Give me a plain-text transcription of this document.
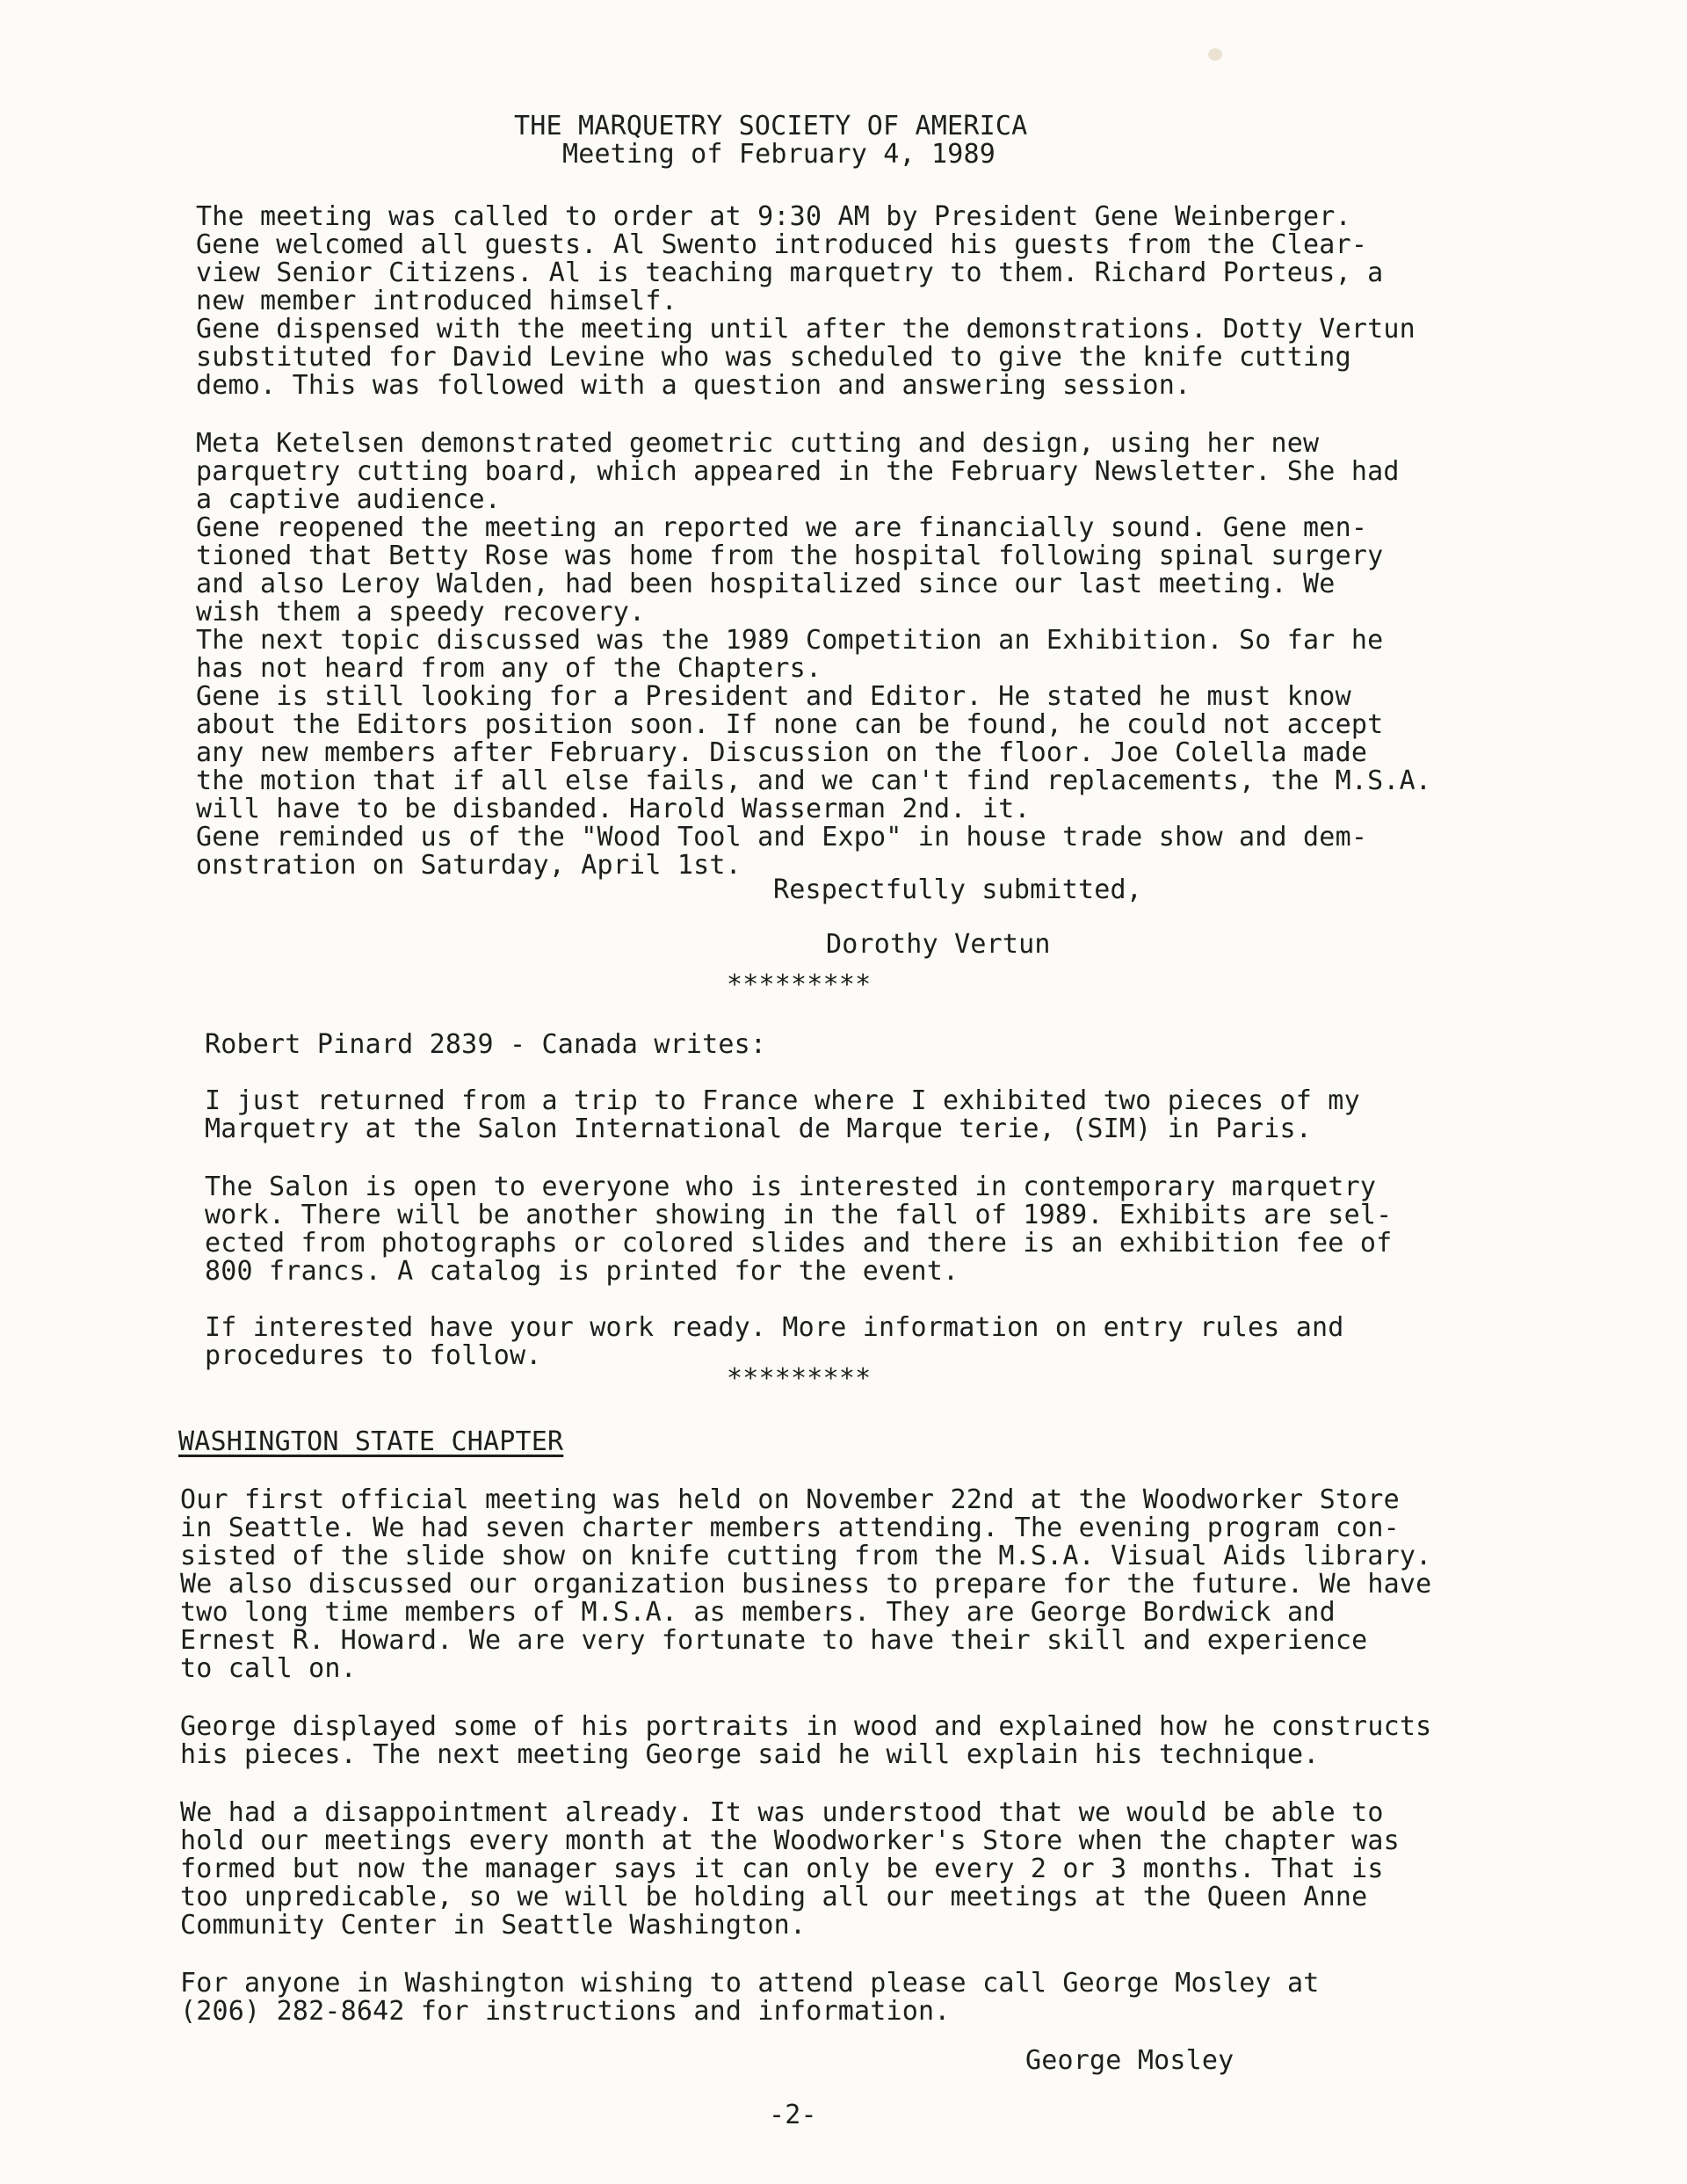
THE MARQUETRY SOCIETY OF AMERICA
Meeting of February 4, 1989
The meeting was called to order at 9:30 AM by President Gene Weinberger.
Gene welcomed all guests. Al Swento introduced his guests from the Clear-
view Senior Citizens. Al is teaching marquetry to them. Richard Porteus, a
new member introduced himself.
Gene dispensed with the meeting until after the demonstrations. Dotty Vertun
substituted for David Levine who was scheduled to give the knife cutting
demo. This was followed with a question and answering session.
Meta Ketelsen demonstrated geometric cutting and design, using her new
parquetry cutting board, which appeared in the February Newsletter. She had
a captive audience.
Gene reopened the meeting an reported we are financially sound. Gene men-
tioned that Betty Rose was home from the hospital following spinal surgery
and also Leroy Walden, had been hospitalized since our last meeting. We
wish them a speedy recovery.
The next topic discussed was the 1989 Competition an Exhibition. So far he
has not heard from any of the Chapters.
Gene is still looking for a President and Editor. He stated he must know
about the Editors position soon. If none can be found, he could not accept
any new members after February. Discussion on the floor. Joe Colella made
the motion that if all else fails, and we can't find replacements, the M.S.A.
will have to be disbanded. Harold Wasserman 2nd. it.
Gene reminded us of the "Wood Tool and Expo" in house trade show and dem-
onstration on Saturday, April 1st.
Respectfully submitted,
Dorothy Vertun
*********
Robert Pinard 2839 - Canada writes:
I just returned from a trip to France where I exhibited two pieces of my
Marquetry at the Salon International de Marque terie, (SIM) in Paris.
The Salon is open to everyone who is interested in contemporary marquetry
work. There will be another showing in the fall of 1989. Exhibits are sel-
ected from photographs or colored slides and there is an exhibition fee of
800 francs. A catalog is printed for the event.
If interested have your work ready. More information on entry rules and
procedures to follow.
*********
WASHINGTON STATE CHAPTER
Our first official meeting was held on November 22nd at the Woodworker Store
in Seattle. We had seven charter members attending. The evening program con-
sisted of the slide show on knife cutting from the M.S.A. Visual Aids library.
We also discussed our organization business to prepare for the future. We have
two long time members of M.S.A. as members. They are George Bordwick and
Ernest R. Howard. We are very fortunate to have their skill and experience
to call on.
George displayed some of his portraits in wood and explained how he constructs
his pieces. The next meeting George said he will explain his technique.
We had a disappointment already. It was understood that we would be able to
hold our meetings every month at the Woodworker's Store when the chapter was
formed but now the manager says it can only be every 2 or 3 months. That is
too unpredicable, so we will be holding all our meetings at the Queen Anne
Community Center in Seattle Washington.
For anyone in Washington wishing to attend please call George Mosley at
(206) 282-8642 for instructions and information.
George Mosley
-2-
